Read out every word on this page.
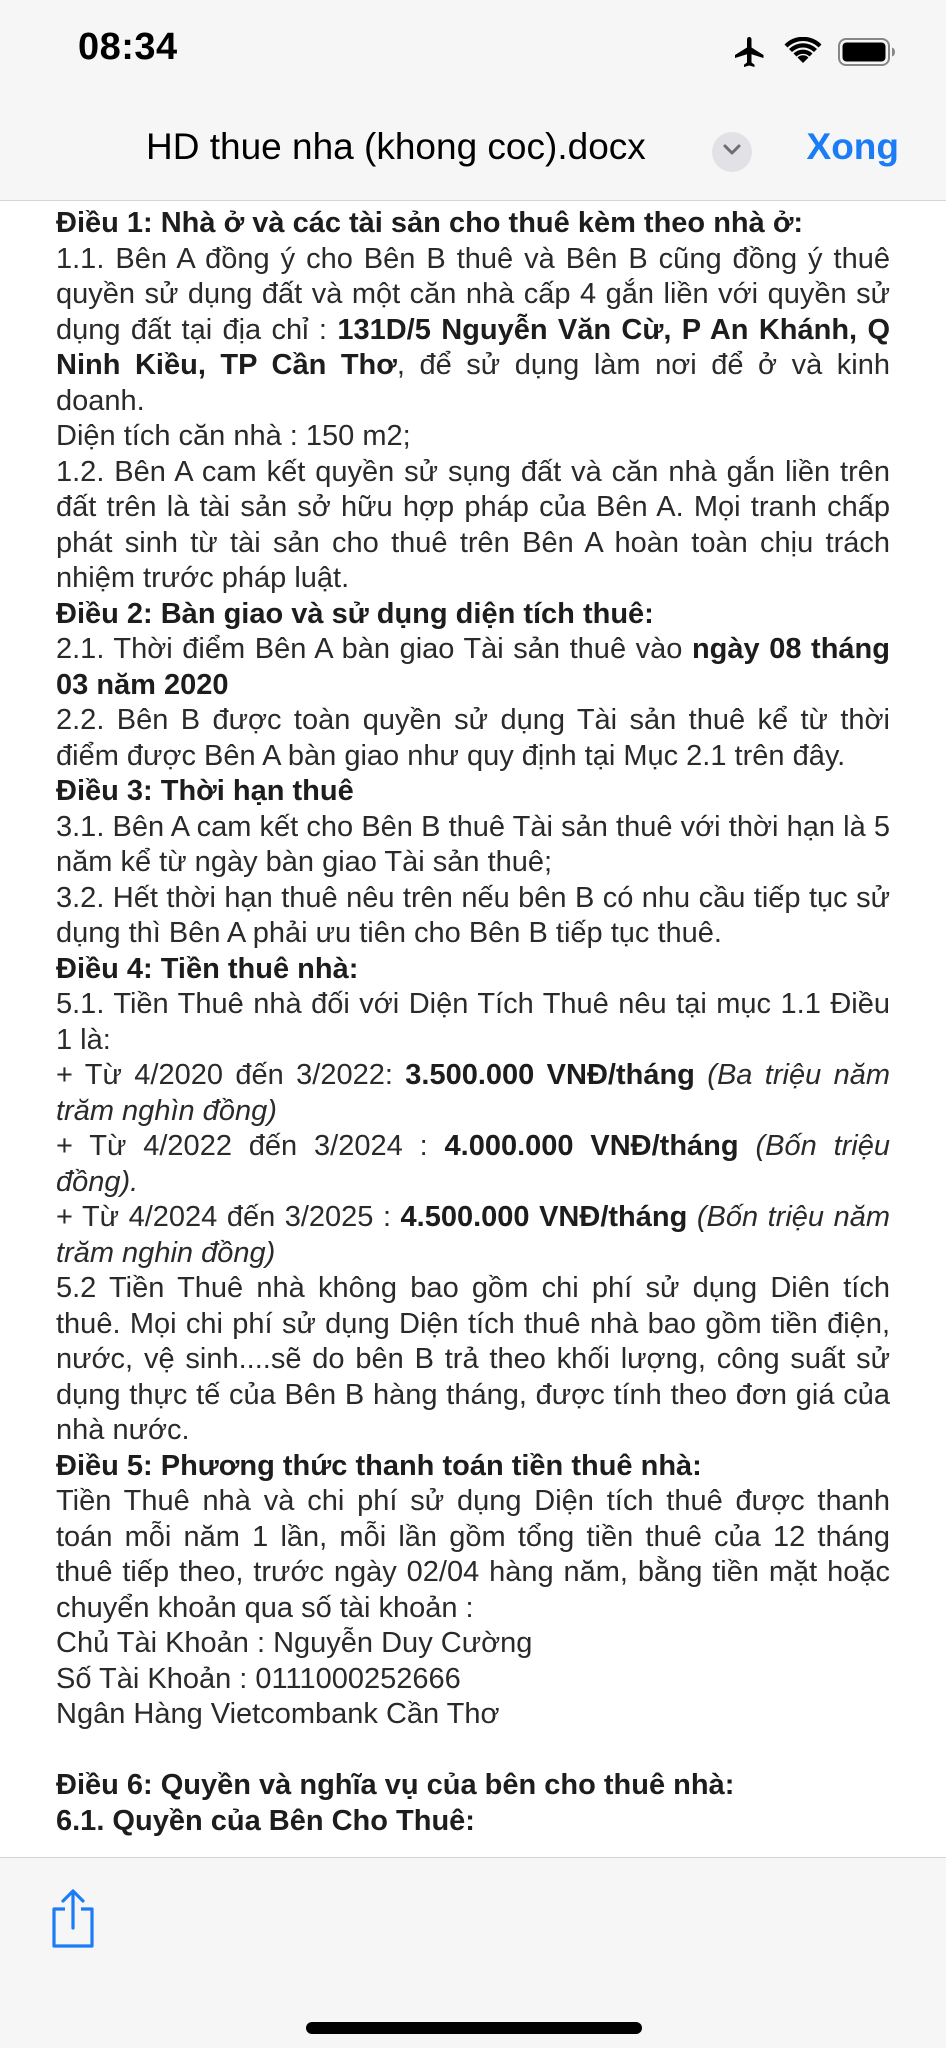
08:34
HD thue nha (khong coc).docx	Xong

Điều 1: Nhà ở và các tài sản cho thuê kèm theo nhà ở:

1.1. Bên A đồng ý cho Bên B thuê và Bên B cũng đồng ý thuê quyền sử dụng đất và một căn nhà cấp 4 gắn liền với quyền sử dụng đất tại địa chỉ : 131D/5 Nguyễn Văn Cừ, P An Khánh, Q Ninh Kiều, TP Cần Thơ, để sử dụng làm nơi để ở và kinh doanh.

Diện tích căn nhà : 150 m2;

1.2. Bên A cam kết quyền sử sụng đất và căn nhà gắn liền trên đất trên là tài sản sở hữu hợp pháp của Bên A. Mọi tranh chấp phát sinh từ tài sản cho thuê trên Bên A hoàn toàn chịu trách nhiệm trước pháp luật.

Điều 2: Bàn giao và sử dụng diện tích thuê:

2.1. Thời điểm Bên A bàn giao Tài sản thuê vào ngày 08 tháng 03 năm 2020

2.2. Bên B được toàn quyền sử dụng Tài sản thuê kể từ thời điểm được Bên A bàn giao như quy định tại Mục 2.1 trên đây.

Điều 3: Thời hạn thuê

3.1. Bên A cam kết cho Bên B thuê Tài sản thuê với thời hạn là 5 năm kể từ ngày bàn giao Tài sản thuê;

3.2. Hết thời hạn thuê nêu trên nếu bên B có nhu cầu tiếp tục sử dụng thì Bên A phải ưu tiên cho Bên B tiếp tục thuê.

Điều 4: Tiền thuê nhà:

5.1. Tiền Thuê nhà đối với Diện Tích Thuê nêu tại mục 1.1 Điều 1 là:

+ Từ 4/2020 đến 3/2022: 3.500.000 VNĐ/tháng (Ba triệu năm trăm nghìn đồng)

+ Từ 4/2022 đến 3/2024 : 4.000.000 VNĐ/tháng (Bốn triệu đồng).

+ Từ 4/2024 đến 3/2025 : 4.500.000 VNĐ/tháng (Bốn triệu năm trăm nghin đồng)

5.2 Tiền Thuê nhà không bao gồm chi phí sử dụng Diên tích thuê. Mọi chi phí sử dụng Diện tích thuê nhà bao gồm tiền điện, nước, vệ sinh....sẽ do bên B trả theo khối lượng, công suất sử dụng thực tế của Bên B hàng tháng, được tính theo đơn giá của nhà nước.

Điều 5: Phương thức thanh toán tiền thuê nhà:

Tiền Thuê nhà và chi phí sử dụng Diện tích thuê được thanh toán mỗi năm 1 lần, mỗi lần gồm tổng tiền thuê của 12 tháng thuê tiếp theo, trước ngày 02/04 hàng năm, bằng tiền mặt hoặc chuyển khoản qua số tài khoản :

Chủ Tài Khoản : Nguyễn Duy Cường

Số Tài Khoản : 0111000252666

Ngân Hàng Vietcombank Cần Thơ

Điều 6: Quyền và nghĩa vụ của bên cho thuê nhà:

6.1. Quyền của Bên Cho Thuê:
